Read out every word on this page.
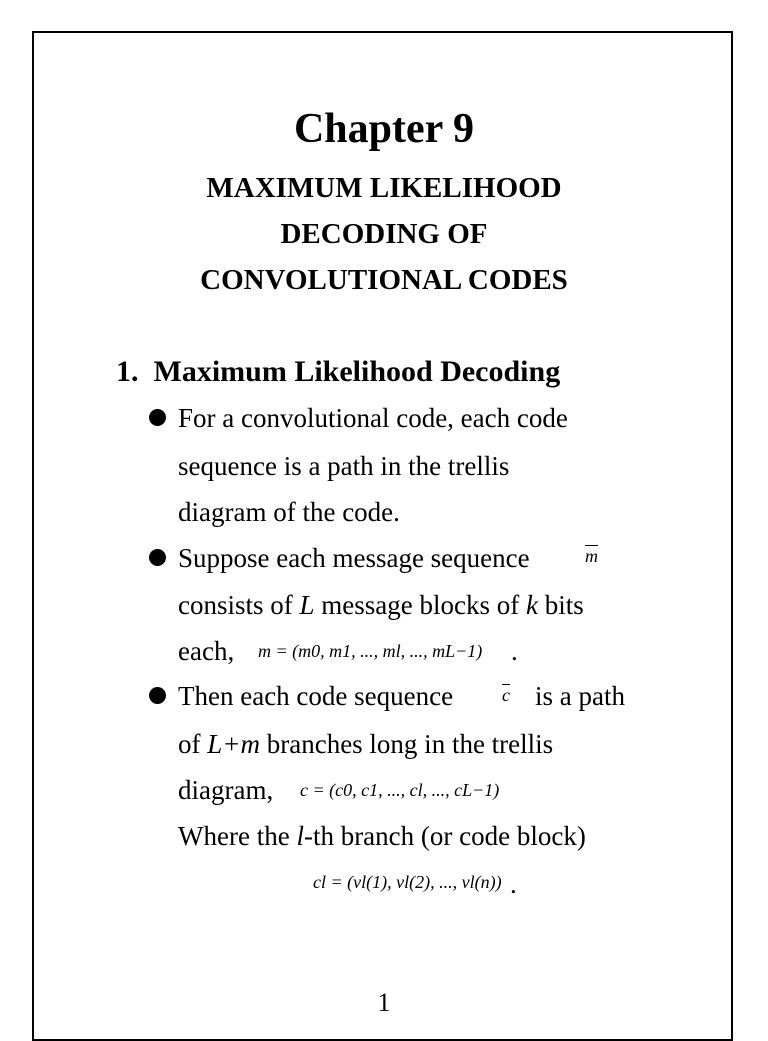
Chapter 9
MAXIMUM LIKELIHOOD
DECODING OF
CONVOLUTIONAL CODES
1. Maximum Likelihood Decoding
For a convolutional code, each code
sequence is a path in the trellis
diagram of the code.
Suppose each message sequence	$\overline{m}$
consists of L message blocks of k bits
each, m = (m0, m1, ..., ml, ..., mL−1) .
Then each code sequence	$\overline{c}$ is a path
of L+m branches long in the trellis
diagram, c = (c0, c1, ..., cl, ..., cL−1)
Where the l-th branch (or code block)
cl = (vl(1), vl(2), ..., vl(n)) .
1
